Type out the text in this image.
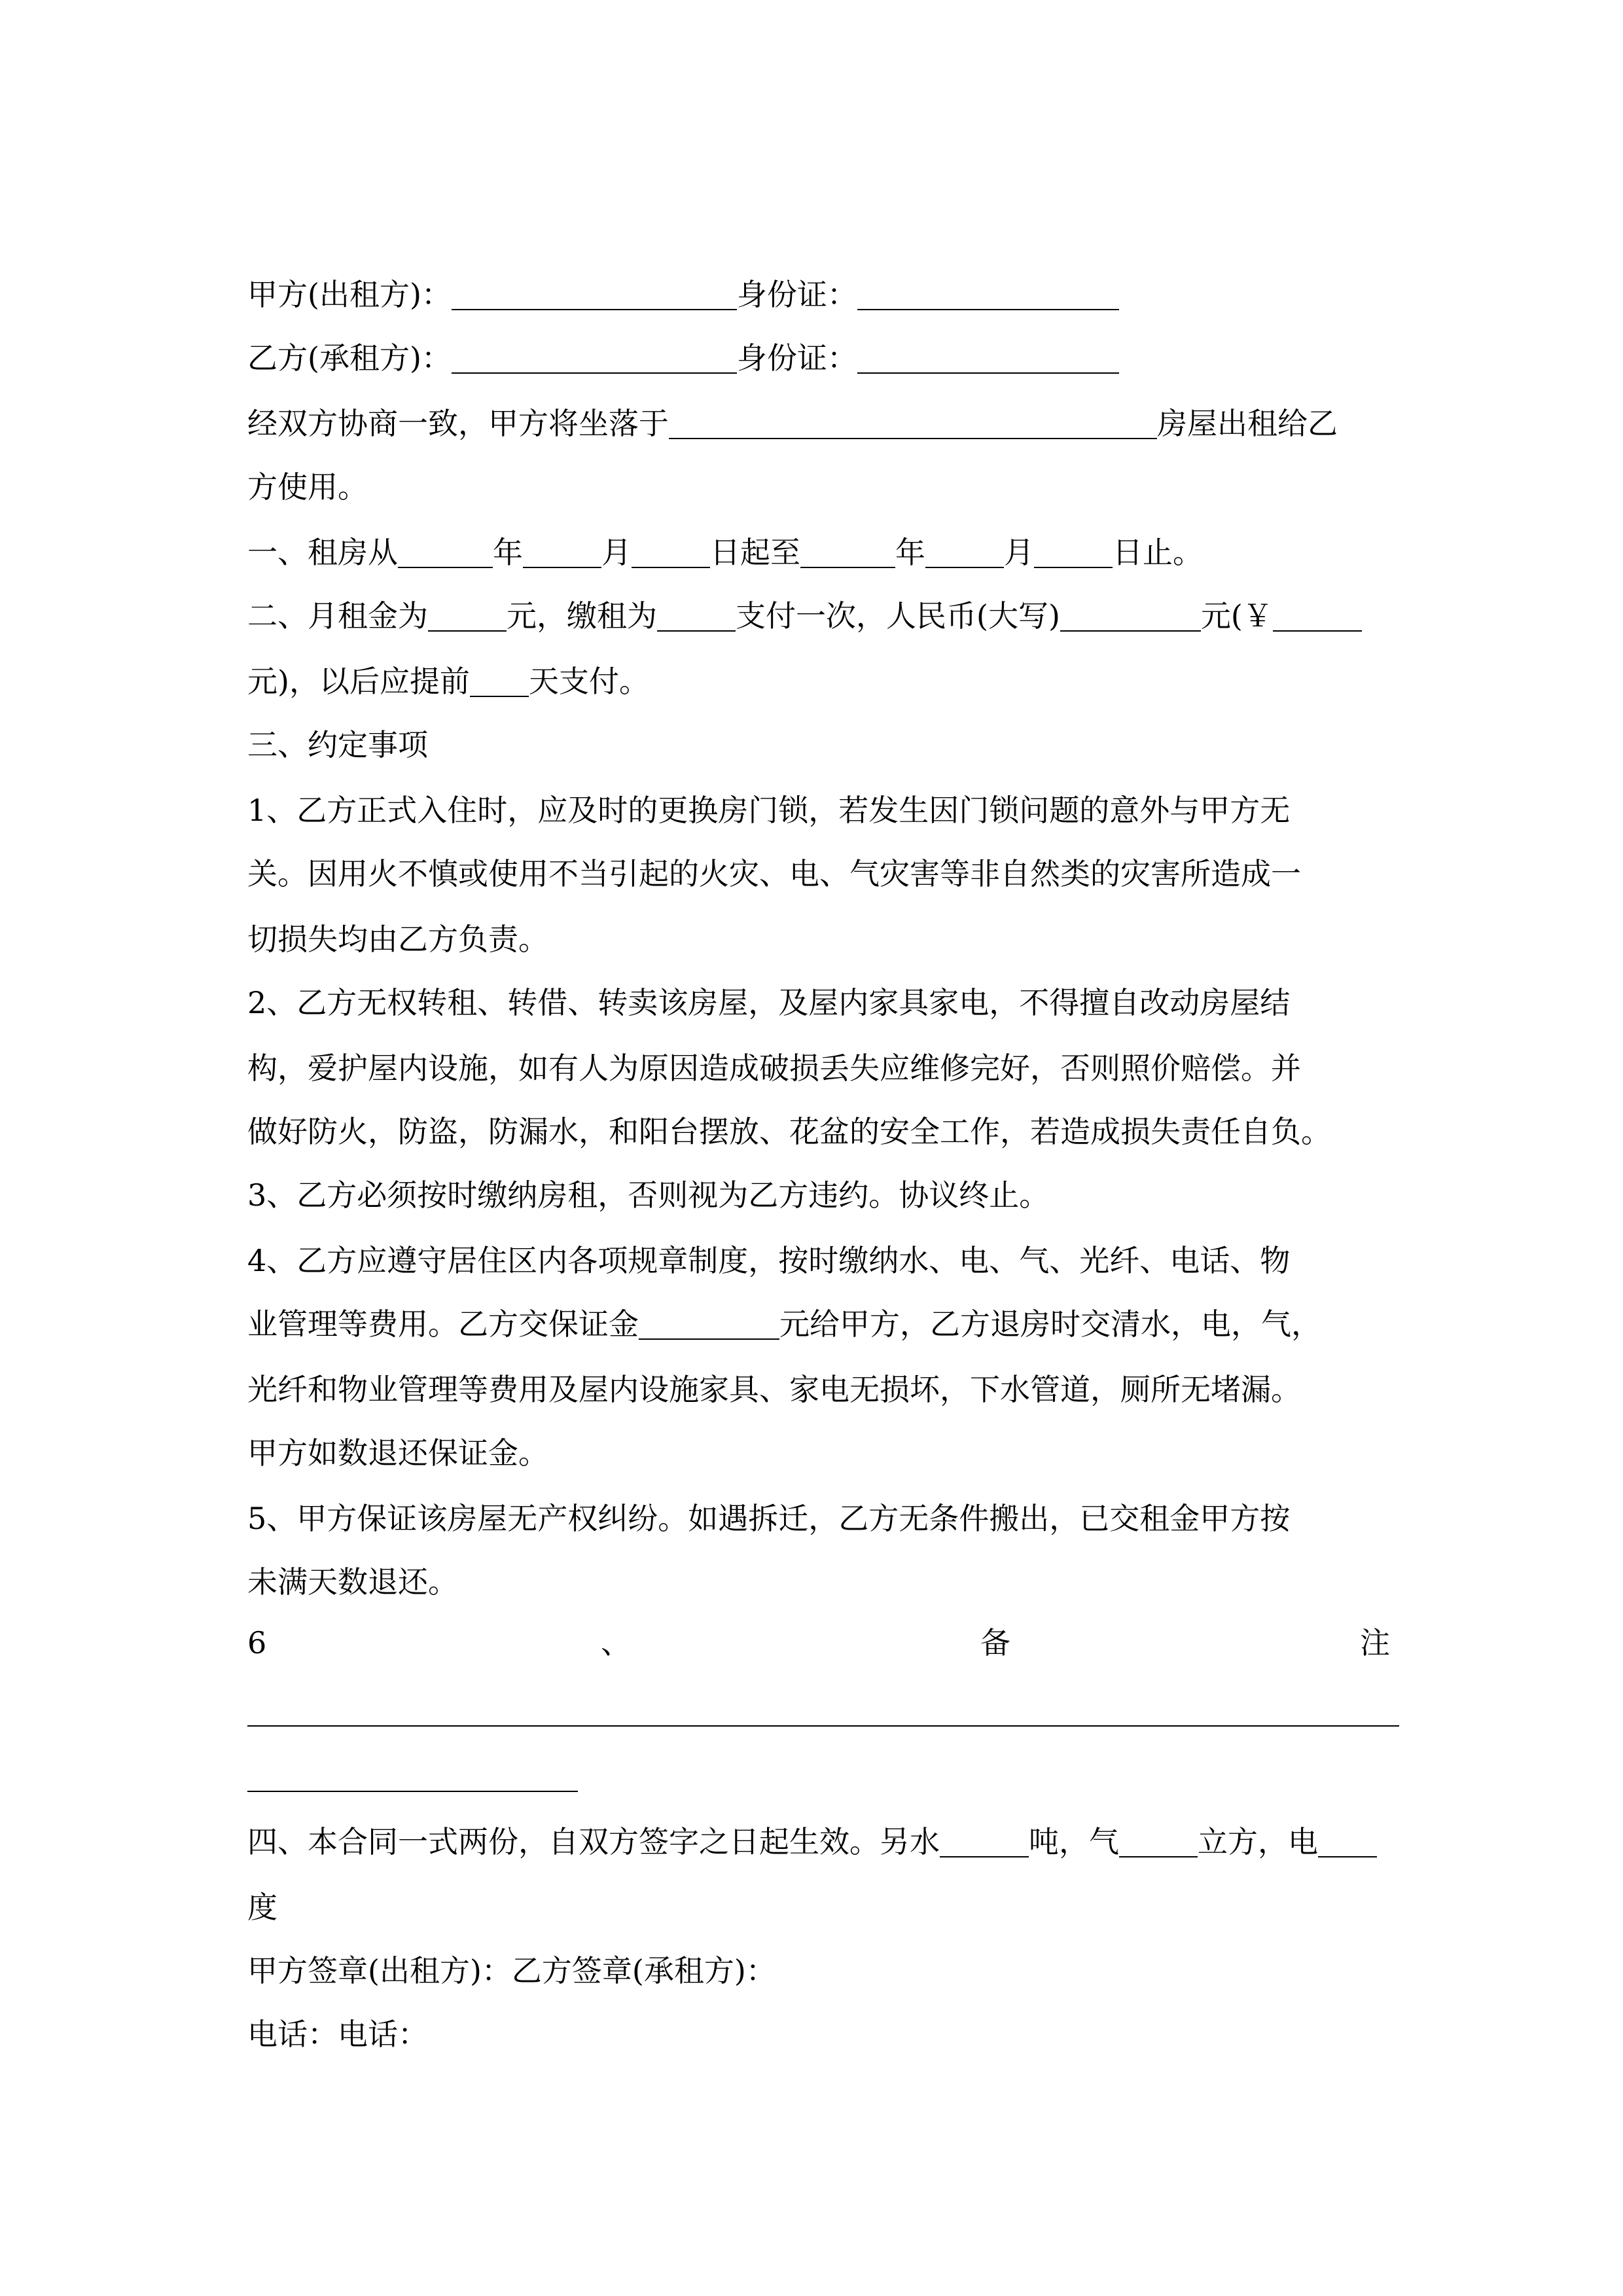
甲方(出租方)：	身份证：
乙方(承租方)：	身份证：
经双方协商一致，甲方将坐落于	房屋出租给乙
方使用。
一、租房从	年	月	日起至	年	月	日止。
二、月租金为	元，缴租为	支付一次，人民币(大写)	元(￥
元)，以后应提前 天支付。
三、约定事项
1、乙方正式入住时，应及时的更换房门锁，若发生因门锁问题的意外与甲方无
关。因用火不慎或使用不当引起的火灾、电、气灾害等非自然类的灾害所造成一
切损失均由乙方负责。
2、乙方无权转租、转借、转卖该房屋，及屋内家具家电，不得擅自改动房屋结
构，爱护屋内设施，如有人为原因造成破损丢失应维修完好，否则照价赔偿。并
做好防火，防盗，防漏水，和阳台摆放、花盆的安全工作，若造成损失责任自负。
3、乙方必须按时缴纳房租，否则视为乙方违约。协议终止。
4、乙方应遵守居住区内各项规章制度，按时缴纳水、电、气、光纤、电话、物
业管理等费用。乙方交保证金	元给甲方，乙方退房时交清水，电，气，
光纤和物业管理等费用及屋内设施家具、家电无损坏，下水管道，厕所无堵漏。
甲方如数退还保证金。
5、甲方保证该房屋无产权纠纷。如遇拆迁，乙方无条件搬出，已交租金甲方按
未满天数退还。
6	、	备	注
四、本合同一式两份，自双方签字之日起生效。另水	吨，气	立方，电
度
甲方签章(出租方)：乙方签章(承租方)：
电话：电话：
